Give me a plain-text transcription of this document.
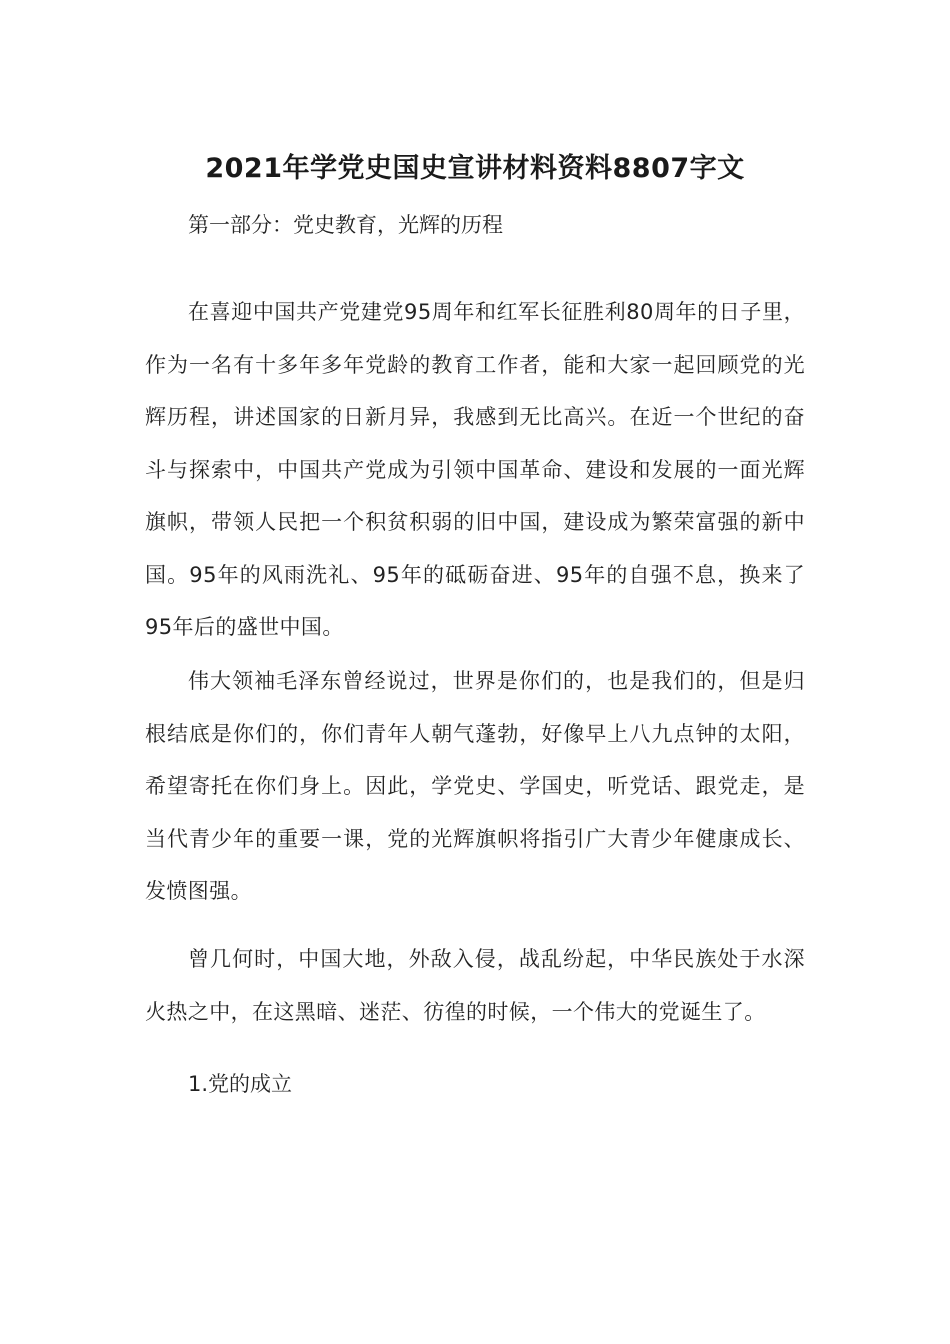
2021年学党史国史宣讲材料资料8807字文
第一部分：党史教育，光辉的历程

在喜迎中国共产党建党95周年和红军长征胜利80周年的日子里，作为一名有十多年多年党龄的教育工作者，能和大家一起回顾党的光辉历程，讲述国家的日新月异，我感到无比高兴。在近一个世纪的奋斗与探索中，中国共产党成为引领中国革命、建设和发展的一面光辉旗帜，带领人民把一个积贫积弱的旧中国，建设成为繁荣富强的新中国。95年的风雨洗礼、95年的砥砺奋进、95年的自强不息，换来了95年后的盛世中国。

伟大领袖毛泽东曾经说过，世界是你们的，也是我们的，但是归根结底是你们的，你们青年人朝气蓬勃，好像早上八九点钟的太阳，希望寄托在你们身上。因此，学党史、学国史，听党话、跟党走，是当代青少年的重要一课，党的光辉旗帜将指引广大青少年健康成长、发愤图强。

曾几何时，中国大地，外敌入侵，战乱纷起，中华民族处于水深火热之中，在这黑暗、迷茫、彷徨的时候，一个伟大的党诞生了。

1.党的成立
